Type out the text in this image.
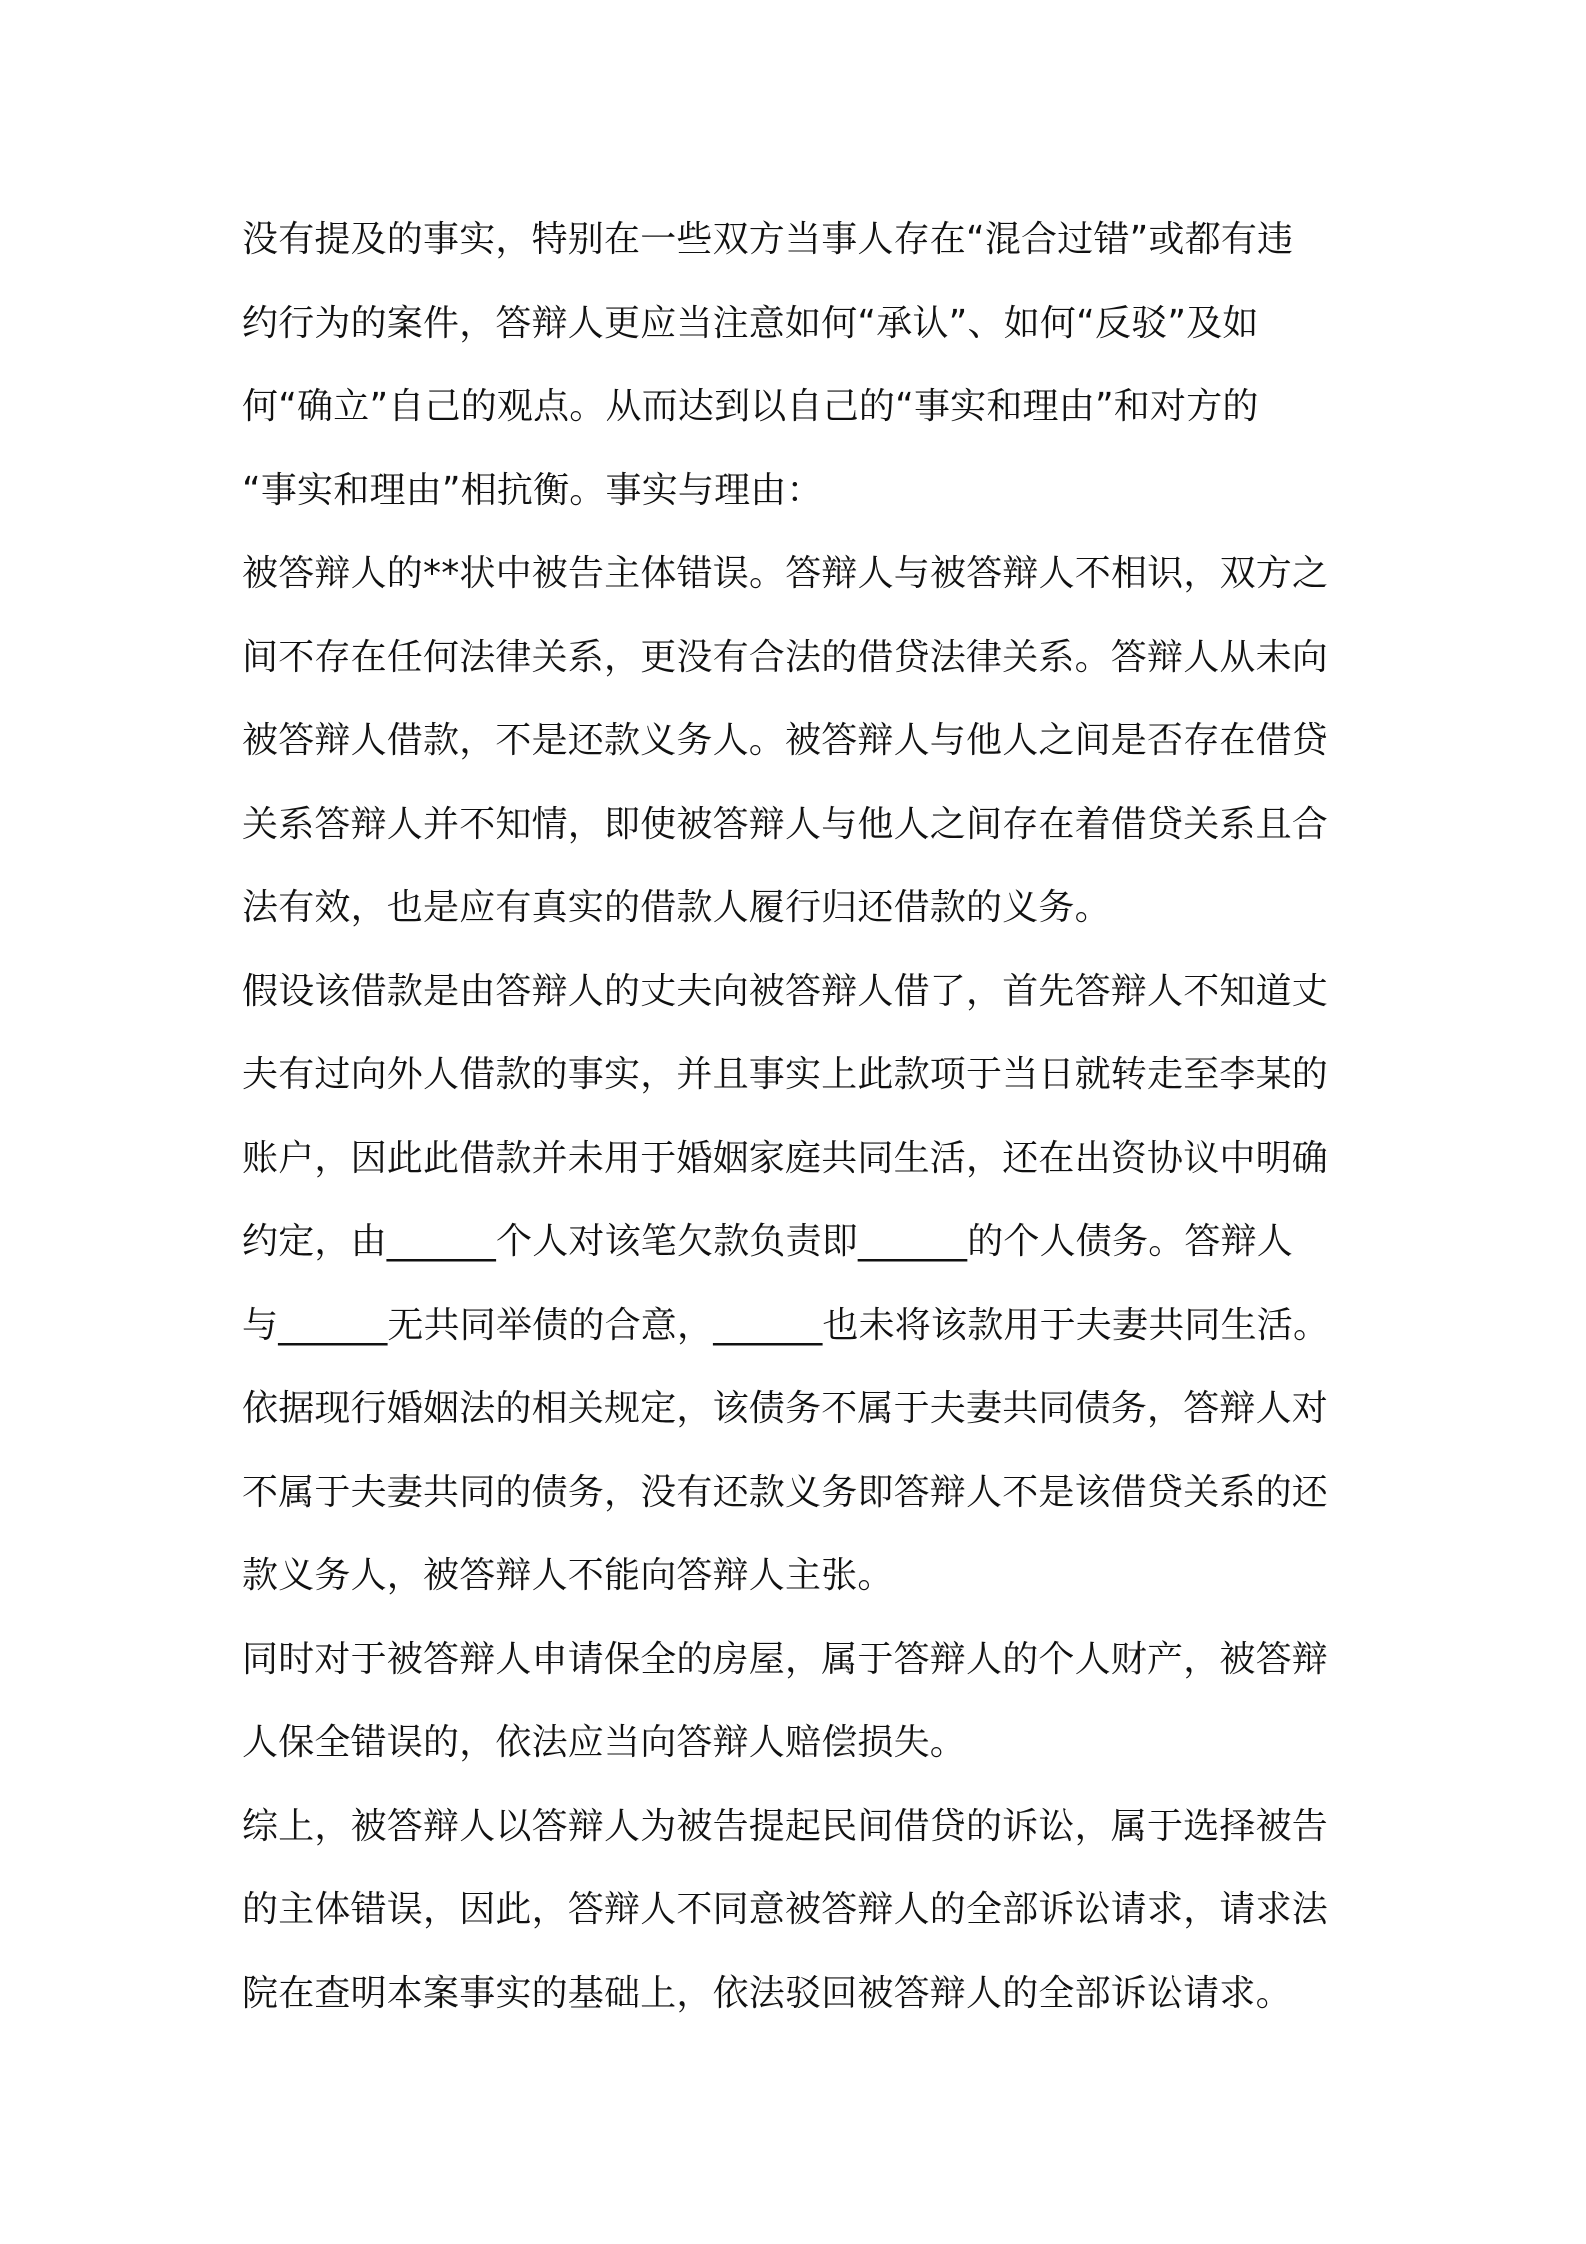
没有提及的事实，特别在一些双方当事人存在“混合过错”或都有违
约行为的案件，答辩人更应当注意如何“承认”、如何“反驳”及如
何“确立”自己的观点。从而达到以自己的“事实和理由”和对方的
“事实和理由”相抗衡。事实与理由：
被答辩人的**状中被告主体错误。答辩人与被答辩人不相识，双方之
间不存在任何法律关系，更没有合法的借贷法律关系。答辩人从未向
被答辩人借款，不是还款义务人。被答辩人与他人之间是否存在借贷
关系答辩人并不知情，即使被答辩人与他人之间存在着借贷关系且合
法有效，也是应有真实的借款人履行归还借款的义务。
假设该借款是由答辩人的丈夫向被答辩人借了，首先答辩人不知道丈
夫有过向外人借款的事实，并且事实上此款项于当日就转走至李某的
账户，因此此借款并未用于婚姻家庭共同生活，还在出资协议中明确
约定，由______个人对该笔欠款负责即______的个人债务。答辩人
与______无共同举债的合意，______也未将该款用于夫妻共同生活。
依据现行婚姻法的相关规定，该债务不属于夫妻共同债务，答辩人对
不属于夫妻共同的债务，没有还款义务即答辩人不是该借贷关系的还
款义务人，被答辩人不能向答辩人主张。
同时对于被答辩人申请保全的房屋，属于答辩人的个人财产，被答辩
人保全错误的，依法应当向答辩人赔偿损失。
综上，被答辩人以答辩人为被告提起民间借贷的诉讼，属于选择被告
的主体错误，因此，答辩人不同意被答辩人的全部诉讼请求，请求法
院在查明本案事实的基础上，依法驳回被答辩人的全部诉讼请求。
